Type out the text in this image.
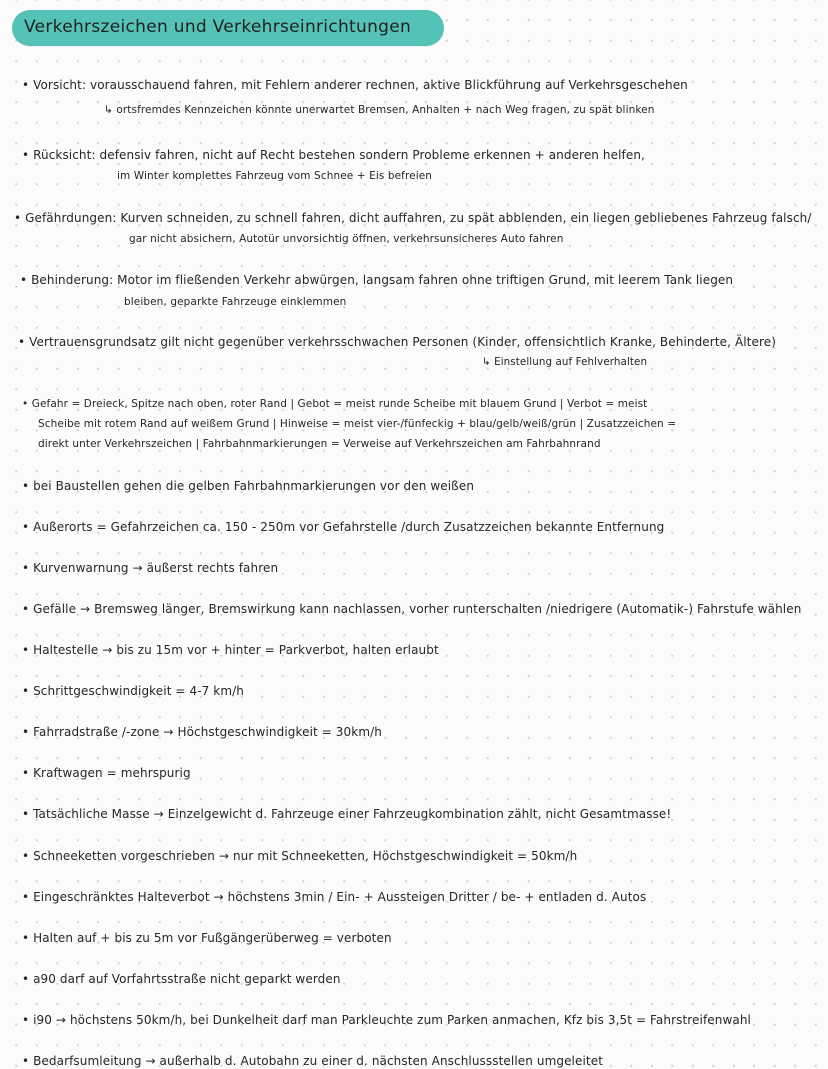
Verkehrszeichen und Verkehrseinrichtungen
• Vorsicht: vorausschauend fahren, mit Fehlern anderer rechnen, aktive Blickführung auf Verkehrsgeschehen
↳ ortsfremdes Kennzeichen könnte unerwartet Bremsen, Anhalten + nach Weg fragen, zu spät blinken
• Rücksicht: defensiv fahren, nicht auf Recht bestehen sondern Probleme erkennen + anderen helfen,
im Winter komplettes Fahrzeug vom Schnee + Eis befreien
• Gefährdungen: Kurven schneiden, zu schnell fahren, dicht auffahren, zu spät abblenden, ein liegen gebliebenes Fahrzeug falsch/
gar nicht absichern, Autotür unvorsichtig öffnen, verkehrsunsicheres Auto fahren
• Behinderung: Motor im fließenden Verkehr abwürgen, langsam fahren ohne triftigen Grund, mit leerem Tank liegen
bleiben, geparkte Fahrzeuge einklemmen
• Vertrauensgrundsatz gilt nicht gegenüber verkehrsschwachen Personen (Kinder, offensichtlich Kranke, Behinderte, Ältere)
↳ Einstellung auf Fehlverhalten
• Gefahr = Dreieck, Spitze nach oben, roter Rand | Gebot = meist runde Scheibe mit blauem Grund | Verbot = meist
Scheibe mit rotem Rand auf weißem Grund | Hinweise = meist vier-/fünfeckig + blau/gelb/weiß/grün | Zusatzzeichen =
direkt unter Verkehrszeichen | Fahrbahnmarkierungen = Verweise auf Verkehrszeichen am Fahrbahnrand
• bei Baustellen gehen die gelben Fahrbahnmarkierungen vor den weißen
• Außerorts = Gefahrzeichen ca. 150 - 250m vor Gefahrstelle /durch Zusatzzeichen bekannte Entfernung
• Kurvenwarnung → äußerst rechts fahren
• Gefälle → Bremsweg länger, Bremswirkung kann nachlassen, vorher runterschalten /niedrigere (Automatik-) Fahrstufe wählen
• Haltestelle → bis zu 15m vor + hinter = Parkverbot, halten erlaubt
• Schrittgeschwindigkeit = 4-7 km/h
• Fahrradstraße /-zone → Höchstgeschwindigkeit = 30km/h
• Kraftwagen = mehrspurig
• Tatsächliche Masse → Einzelgewicht d. Fahrzeuge einer Fahrzeugkombination zählt, nicht Gesamtmasse!
• Schneeketten vorgeschrieben → nur mit Schneeketten, Höchstgeschwindigkeit = 50km/h
• Eingeschränktes Halteverbot → höchstens 3min / Ein- + Aussteigen Dritter / be- + entladen d. Autos
• Halten auf + bis zu 5m vor Fußgängerüberweg = verboten
• a90 darf auf Vorfahrtsstraße nicht geparkt werden
• i90 → höchstens 50km/h, bei Dunkelheit darf man Parkleuchte zum Parken anmachen, Kfz bis 3,5t = Fahrstreifenwahl
• Bedarfsumleitung → außerhalb d. Autobahn zu einer d. nächsten Anschlussstellen umgeleitet
